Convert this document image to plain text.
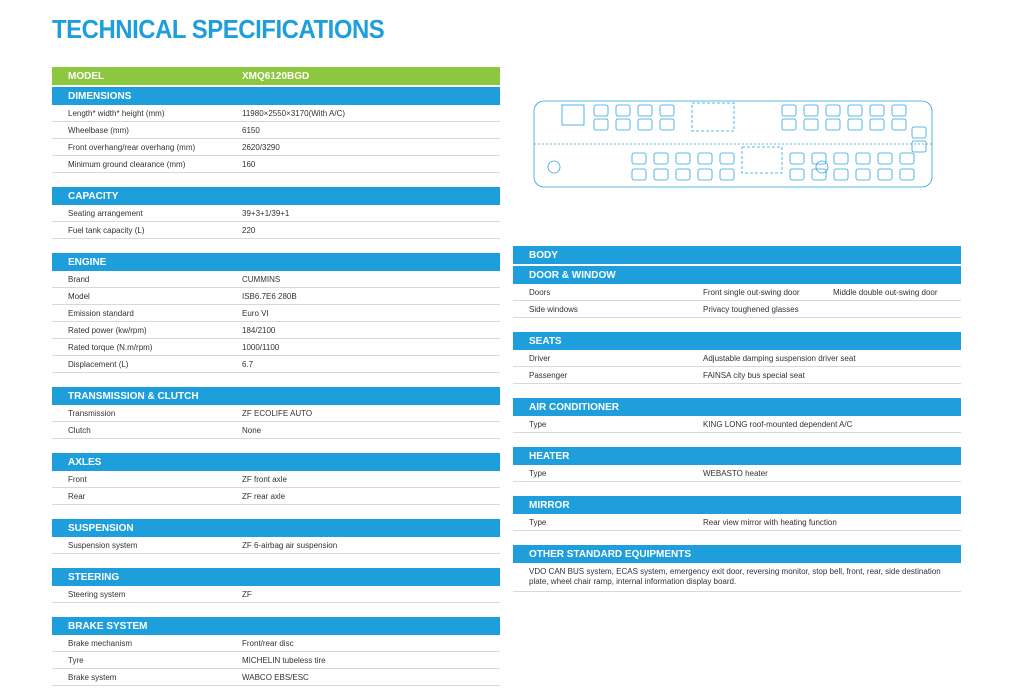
TECHNICAL SPECIFICATIONS
MODEL	XMQ6120BGD
DIMENSIONS
Length* width* height (mm)	11980×2550×3170(With A/C)
Wheelbase (mm)	6150
Front overhang/rear overhang (mm)	2620/3290
Minimum ground clearance (mm)	160
CAPACITY
Seating arrangement	39+3+1/39+1
Fuel tank capacity (L)	220
ENGINE
Brand	CUMMINS
Model	ISB6.7E6 280B
Emission standard	Euro VI
Rated power (kw/rpm)	184/2100
Rated torque (N.m/rpm)	1000/1100
Displacement (L)	6.7
TRANSMISSION & CLUTCH
Transmission	ZF ECOLIFE AUTO
Clutch	None
AXLES
Front	ZF front axle
Rear	ZF rear axle
SUSPENSION
Suspension system	ZF 6-airbag air suspension
STEERING
Steering system	ZF
BRAKE SYSTEM
Brake mechanism	Front/rear disc
Tyre	MICHELIN tubeless tire
Brake system	WABCO EBS/ESC
BODY
DOOR & WINDOW
Doors	Front single out-swing door	Middle double out-swing door
Side windows	Privacy toughened glasses
SEATS
Driver	Adjustable damping suspension driver seat
Passenger	FAINSA city bus special seat
AIR CONDITIONER
Type	KING LONG roof-mounted dependent A/C
HEATER
Type	WEBASTO heater
MIRROR
Type	Rear view mirror with heating function
OTHER STANDARD EQUIPMENTS
VDO CAN BUS system, ECAS system, emergency exit door, reversing monitor, stop bell, front, rear, side destination plate, wheel chair ramp, internal information display board.
